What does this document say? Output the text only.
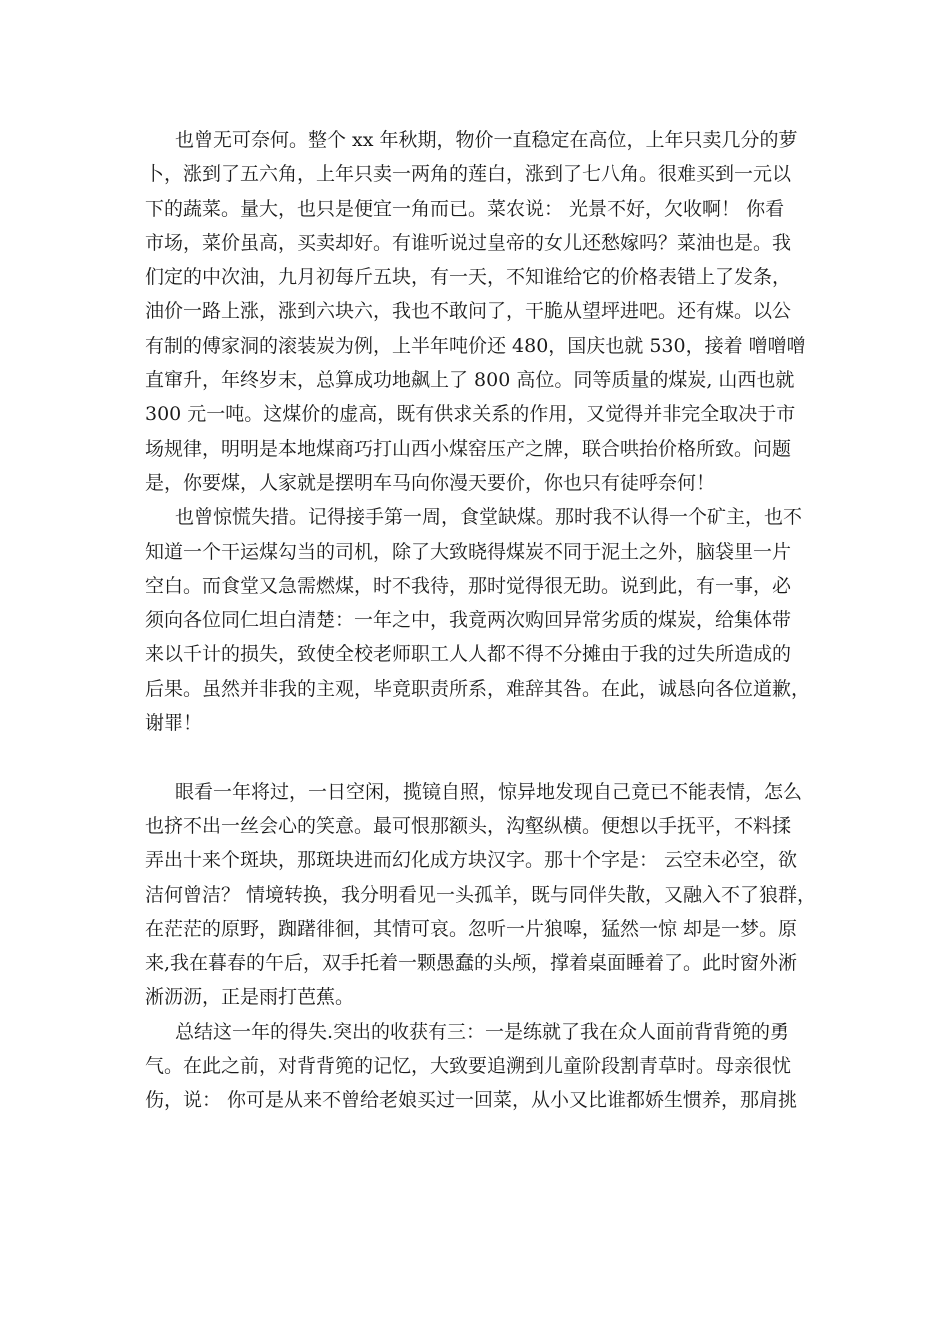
也曾无可奈何。整个 xx 年秋期，物价一直稳定在高位，上年只卖几分的萝
卜，涨到了五六角，上年只卖一两角的莲白，涨到了七八角。很难买到一元以
下的蔬菜。量大，也只是便宜一角而已。菜农说： 光景不好，欠收啊！ 你看
市场，菜价虽高，买卖却好。有谁听说过皇帝的女儿还愁嫁吗？菜油也是。我
们定的中次油，九月初每斤五块，有一天，不知谁给它的价格表错上了发条，
油价一路上涨，涨到六块六，我也不敢问了，干脆从望坪进吧。还有煤。以公
有制的傅家洞的滚装炭为例，上半年吨价还 480，国庆也就 530，接着 噌噌噌
直窜升，年终岁末，总算成功地飙上了 800 高位。同等质量的煤炭, 山西也就
300 元一吨。这煤价的虚高，既有供求关系的作用，又觉得并非完全取决于市
场规律，明明是本地煤商巧打山西小煤窑压产之牌，联合哄抬价格所致。问题
是，你要煤，人家就是摆明车马向你漫天要价，你也只有徒呼奈何！
也曾惊慌失措。记得接手第一周，食堂缺煤。那时我不认得一个矿主，也不
知道一个干运煤勾当的司机，除了大致晓得煤炭不同于泥土之外，脑袋里一片
空白。而食堂又急需燃煤，时不我待，那时觉得很无助。说到此，有一事，必
须向各位同仁坦白清楚：一年之中，我竟两次购回异常劣质的煤炭，给集体带
来以千计的损失，致使全校老师职工人人都不得不分摊由于我的过失所造成的
后果。虽然并非我的主观，毕竟职责所系，难辞其咎。在此，诚恳向各位道歉，
谢罪！
眼看一年将过，一日空闲，揽镜自照，惊异地发现自己竟已不能表情，怎么
也挤不出一丝会心的笑意。最可恨那额头，沟壑纵横。便想以手抚平，不料揉
弄出十来个斑块，那斑块进而幻化成方块汉字。那十个字是： 云空未必空，欲
洁何曾洁？ 情境转换，我分明看见一头孤羊，既与同伴失散，又融入不了狼群，
在茫茫的原野，踟躇徘徊，其情可哀。忽听一片狼嗥，猛然一惊 却是一梦。原
来,我在暮春的午后，双手托着一颗愚蠢的头颅，撑着桌面睡着了。此时窗外淅
淅沥沥，正是雨打芭蕉。
总结这一年的得失.突出的收获有三：一是练就了我在众人面前背背篼的勇
气。在此之前，对背背篼的记忆，大致要追溯到儿童阶段割青草时。母亲很忧
伤，说： 你可是从来不曾给老娘买过一回菜，从小又比谁都娇生惯养，那肩挑
